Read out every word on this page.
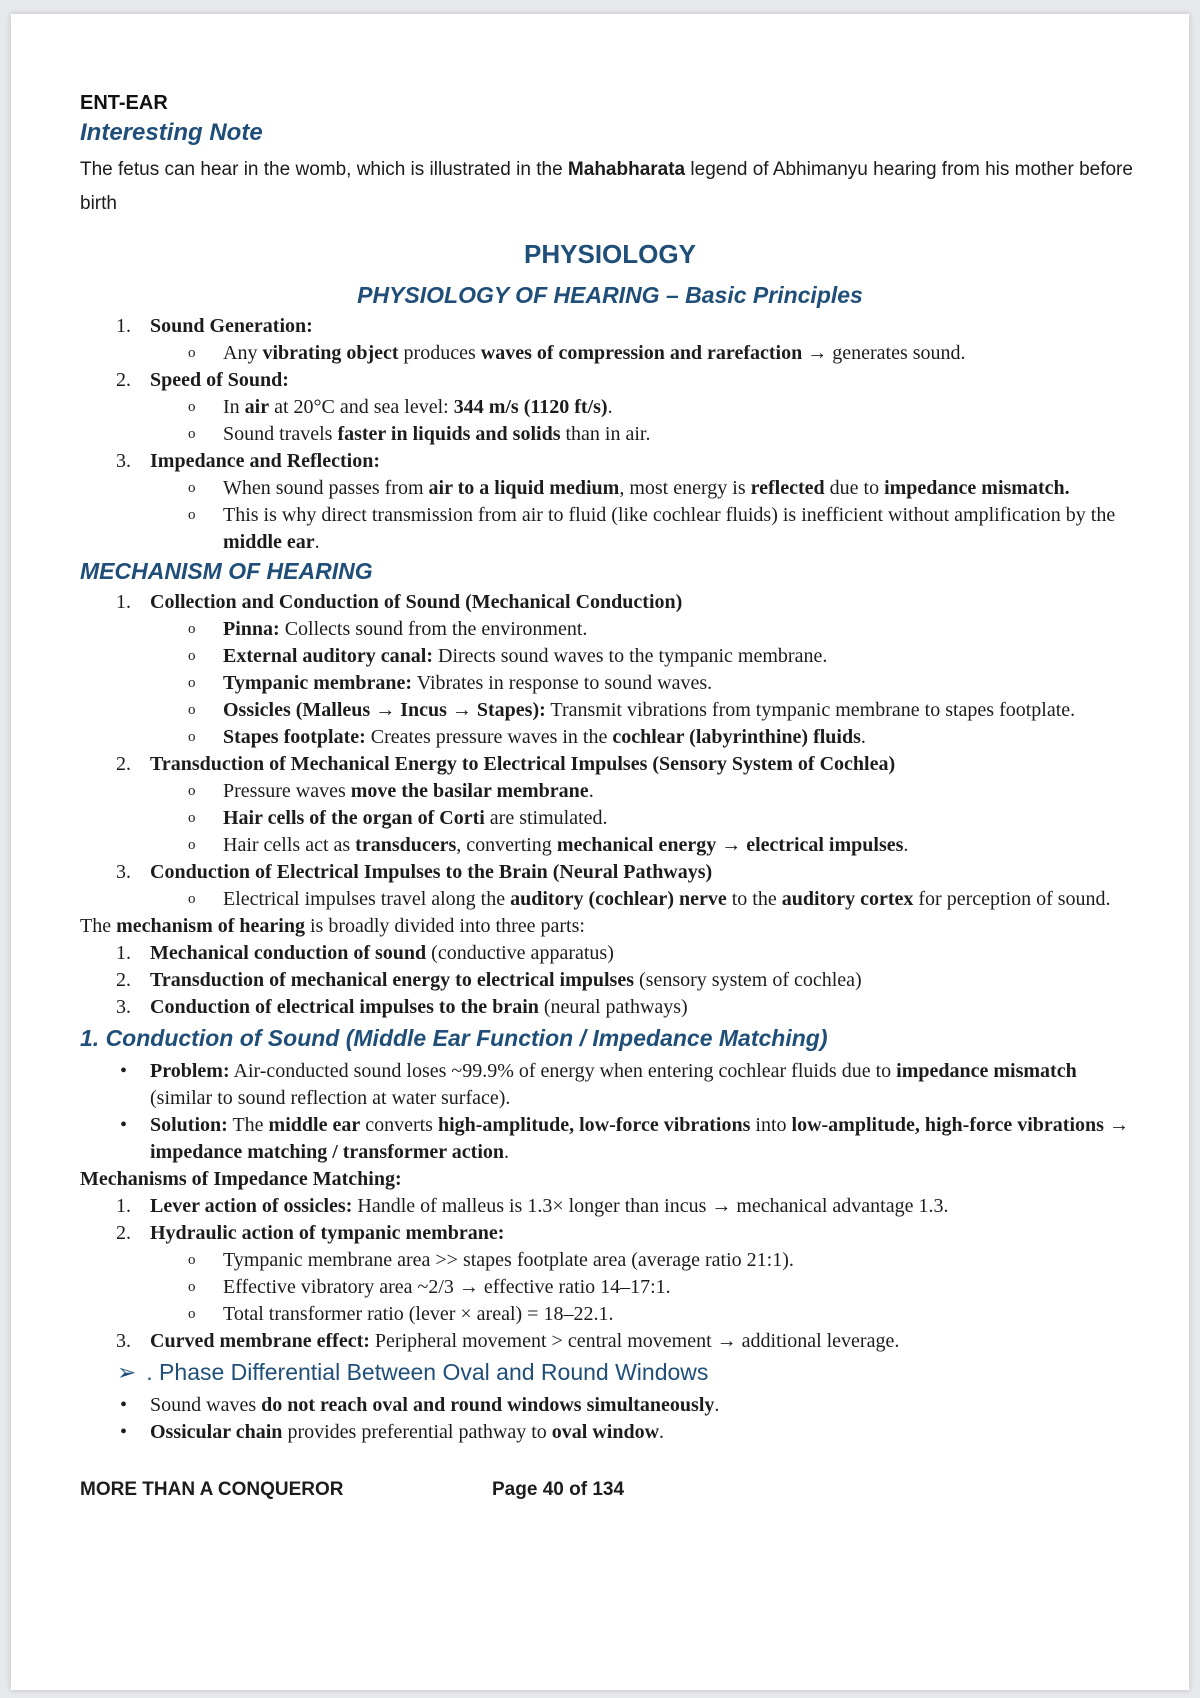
ENT-EAR
Interesting Note

The fetus can hear in the womb, which is illustrated in the Mahabharata legend of Abhimanyu hearing from his mother before birth

PHYSIOLOGY
PHYSIOLOGY OF HEARING – Basic Principles
1. Sound Generation:
o Any vibrating object produces waves of compression and rarefaction → generates sound.
2. Speed of Sound:
o In air at 20°C and sea level: 344 m/s (1120 ft/s).
o Sound travels faster in liquids and solids than in air.
3. Impedance and Reflection:
o When sound passes from air to a liquid medium, most energy is reflected due to impedance mismatch.
o This is why direct transmission from air to fluid (like cochlear fluids) is inefficient without amplification by the middle ear.
MECHANISM OF HEARING
1. Collection and Conduction of Sound (Mechanical Conduction)
o Pinna: Collects sound from the environment.
o External auditory canal: Directs sound waves to the tympanic membrane.
o Tympanic membrane: Vibrates in response to sound waves.
o Ossicles (Malleus → Incus → Stapes): Transmit vibrations from tympanic membrane to stapes footplate.
o Stapes footplate: Creates pressure waves in the cochlear (labyrinthine) fluids.
2. Transduction of Mechanical Energy to Electrical Impulses (Sensory System of Cochlea)
o Pressure waves move the basilar membrane.
o Hair cells of the organ of Corti are stimulated.
o Hair cells act as transducers, converting mechanical energy → electrical impulses.
3. Conduction of Electrical Impulses to the Brain (Neural Pathways)
o Electrical impulses travel along the auditory (cochlear) nerve to the auditory cortex for perception of sound.
The mechanism of hearing is broadly divided into three parts:
1. Mechanical conduction of sound (conductive apparatus)
2. Transduction of mechanical energy to electrical impulses (sensory system of cochlea)
3. Conduction of electrical impulses to the brain (neural pathways)
1. Conduction of Sound (Middle Ear Function / Impedance Matching)
• Problem: Air-conducted sound loses ~99.9% of energy when entering cochlear fluids due to impedance mismatch (similar to sound reflection at water surface).
• Solution: The middle ear converts high-amplitude, low-force vibrations into low-amplitude, high-force vibrations → impedance matching / transformer action.
Mechanisms of Impedance Matching:
1. Lever action of ossicles: Handle of malleus is 1.3× longer than incus → mechanical advantage 1.3.
2. Hydraulic action of tympanic membrane:
o Tympanic membrane area >> stapes footplate area (average ratio 21:1).
o Effective vibratory area ~2/3 → effective ratio 14–17:1.
o Total transformer ratio (lever × areal) = 18–22.1.
3. Curved membrane effect: Peripheral movement > central movement → additional leverage.
➢ . Phase Differential Between Oval and Round Windows
• Sound waves do not reach oval and round windows simultaneously.
• Ossicular chain provides preferential pathway to oval window.
MORE THAN A CONQUEROR	Page 40 of 134
